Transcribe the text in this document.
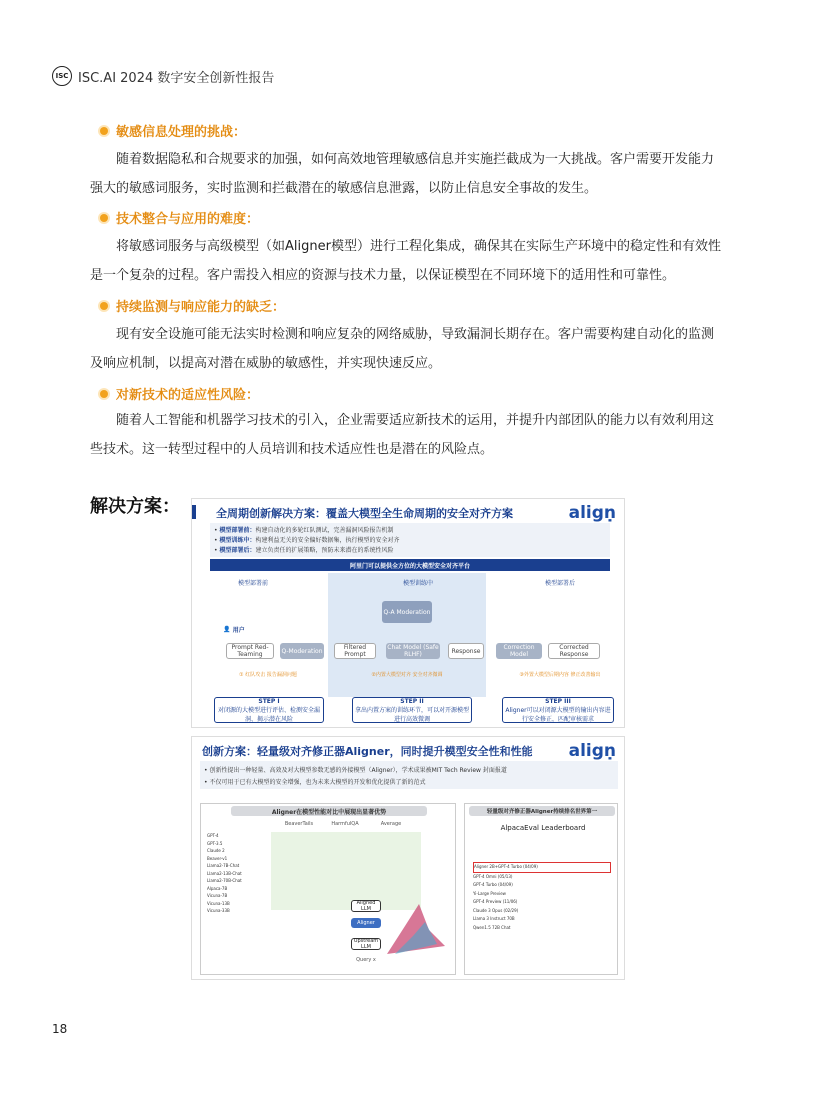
ISC ISC.AI 2024 数字安全创新性报告
敏感信息处理的挑战：
随着数据隐私和合规要求的加强，如何高效地管理敏感信息并实施拦截成为一大挑战。客户需要开发能力强大的敏感词服务，实时监测和拦截潜在的敏感信息泄露，以防止信息安全事故的发生。
技术整合与应用的难度：
将敏感词服务与高级模型（如Aligner模型）进行工程化集成，确保其在实际生产环境中的稳定性和有效性是一个复杂的过程。客户需投入相应的资源与技术力量，以保证模型在不同环境下的适用性和可靠性。
持续监测与响应能力的缺乏：
现有安全设施可能无法实时检测和响应复杂的网络威胁，导致漏洞长期存在。客户需要构建自动化的监测及响应机制，以提高对潜在威胁的敏感性，并实现快速反应。
对新技术的适应性风险：
随着人工智能和机器学习技术的引入，企业需要适应新技术的运用，并提升内部团队的能力以有效利用这些技术。这一转型过程中的人员培训和技术适应性也是潜在的风险点。
解决方案：	全周期创新解决方案：覆盖大模型全生命周期的安全对齐方案	aligṇ
• 模型部署前：构建自动化的多轮红队测试，完善漏洞风险报告机制
• 模型训练中：构建利益无关的安全偏好数据集，执行模型的安全对齐
• 模型部署后：建立负责任的扩展策略，预防未来潜在的系统性风险
阿里门可以提供全方位的大模型安全对齐平台
模型部署前	模型训练中	模型部署后
👤 用户
Q-A Moderation
Prompt Red-Teaming	Q-Moderation	Filtered Prompt
Chat Model (Safe RLHF)	Response	Correction Model
Corrected Response
① 红队攻击 报告漏洞问题	②内置大模型对齐 安全对齐微调	③外置大模型后期内容 修正改善输出
STEP I
对闭源的大模型进行评估、检测安全漏洞、揭示潜在风险
STEP II
拿出内置方案的训练环节，可以对开源模型进行高效微调
STEP III
Aligner可以对闭源大模型的输出内容进行安全修正，匹配审核需求
创新方案：轻量级对齐修正器Aligner，同时提升模型安全性和性能 aligṇ
• 创新性提出一种轻量、高效及对大模型参数无感的外接模型（Aligner），学术成果被MIT Tech Review 封面报道
• 不仅可用于已有大模型的安全增强，也为未来大模型的开发和优化提供了新的范式
Aligner在模型性能对比中展现出显著优势
BeaverTails	HarmfulQA	Average
GPT-4
GPT-3.5
Claude 2
Beaver-v1
Llama2-7B-Chat
Llama2-13B-Chat
Llama2-70B-Chat
Alpaca-7B
Vicuna-7B
Vicuna-13B
Vicuna-33B
Aligned LLM
Aligner
Upstream LLM
Query x
轻量级对齐修正器Aligner持续排名世界第一
AlpacaEval Leaderboard
Aligner 2B+GPT-4 Turbo (04/09)
GPT-4 Omni (05/13)
GPT-4 Turbo (04/09)
Yi-Large Preview
GPT-4 Preview (11/06)
Claude 3 Opus (02/29)
Llama 3 Instruct 70B
Qwen1.5 72B Chat
18
